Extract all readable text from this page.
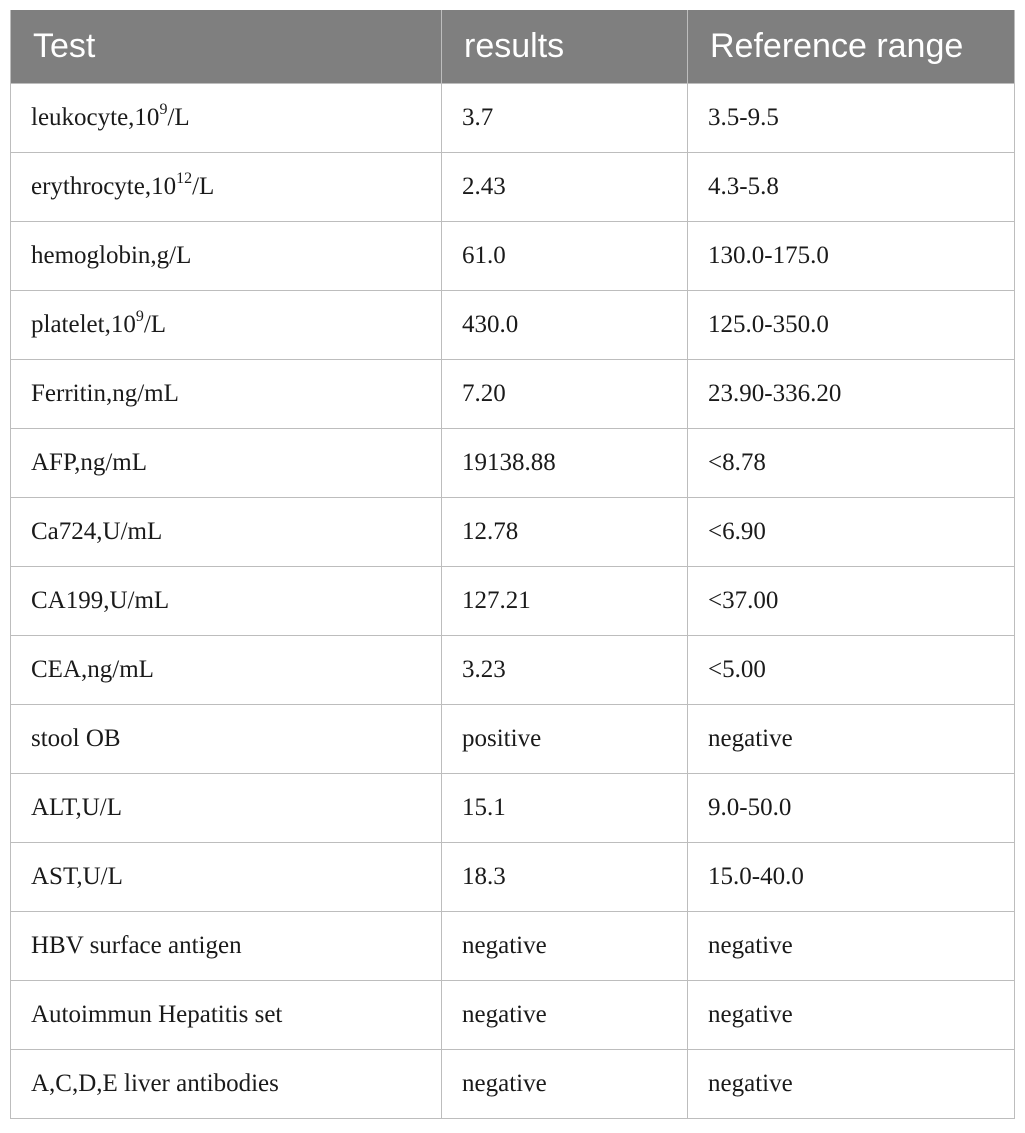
Test	results	Reference range
$leukocyte,10^9/L$	3.7	3.5-9.5
$erythrocyte,10^{12}/L$	2.43	4.3-5.8
hemoglobin,g/L	61.0	130.0-175.0
$platelet,10^9/L$	430.0	125.0-350.0
Ferritin,ng/mL	7.20	23.90-336.20
AFP,ng/mL	19138.88	<8.78
Ca724,U/mL	12.78	<6.90
CA199,U/mL	127.21	<37.00
CEA,ng/mL	3.23	<5.00
stool OB	positive	negative
ALT,U/L	15.1	9.0-50.0
AST,U/L	18.3	15.0-40.0
HBV surface antigen	negative	negative
Autoimmun Hepatitis set	negative	negative
A,C,D,E liver antibodies	negative	negative
